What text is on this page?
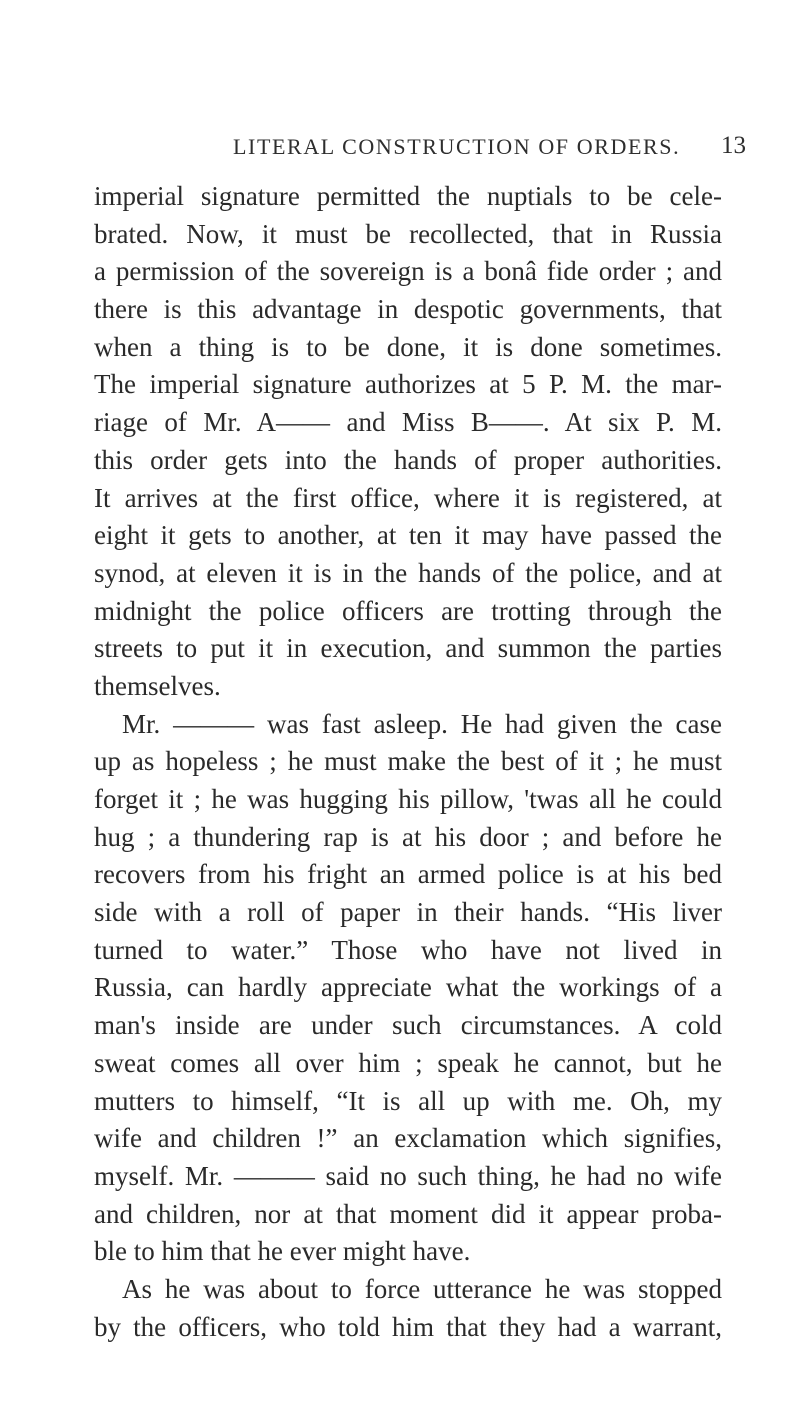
LITERAL CONSTRUCTION OF ORDERS. 13
imperial signature permitted the nuptials to be cele-
brated. Now, it must be recollected, that in Russia
a permission of the sovereign is a bonâ fide order ; and
there is this advantage in despotic governments, that
when a thing is to be done, it is done sometimes.
The imperial signature authorizes at 5 P. M. the mar-
riage of Mr. A—— and Miss B——. At six P. M.
this order gets into the hands of proper authorities.
It arrives at the first office, where it is registered, at
eight it gets to another, at ten it may have passed the
synod, at eleven it is in the hands of the police, and at
midnight the police officers are trotting through the
streets to put it in execution, and summon the parties
themselves.
Mr. ——— was fast asleep. He had given the case
up as hopeless ; he must make the best of it ; he must
forget it ; he was hugging his pillow, 'twas all he could
hug ; a thundering rap is at his door ; and before he
recovers from his fright an armed police is at his bed
side with a roll of paper in their hands. “His liver
turned to water.” Those who have not lived in
Russia, can hardly appreciate what the workings of a
man's inside are under such circumstances. A cold
sweat comes all over him ; speak he cannot, but he
mutters to himself, “It is all up with me. Oh, my
wife and children !” an exclamation which signifies,
myself. Mr. ——— said no such thing, he had no wife
and children, nor at that moment did it appear proba-
ble to him that he ever might have.
As he was about to force utterance he was stopped
by the officers, who told him that they had a warrant,
